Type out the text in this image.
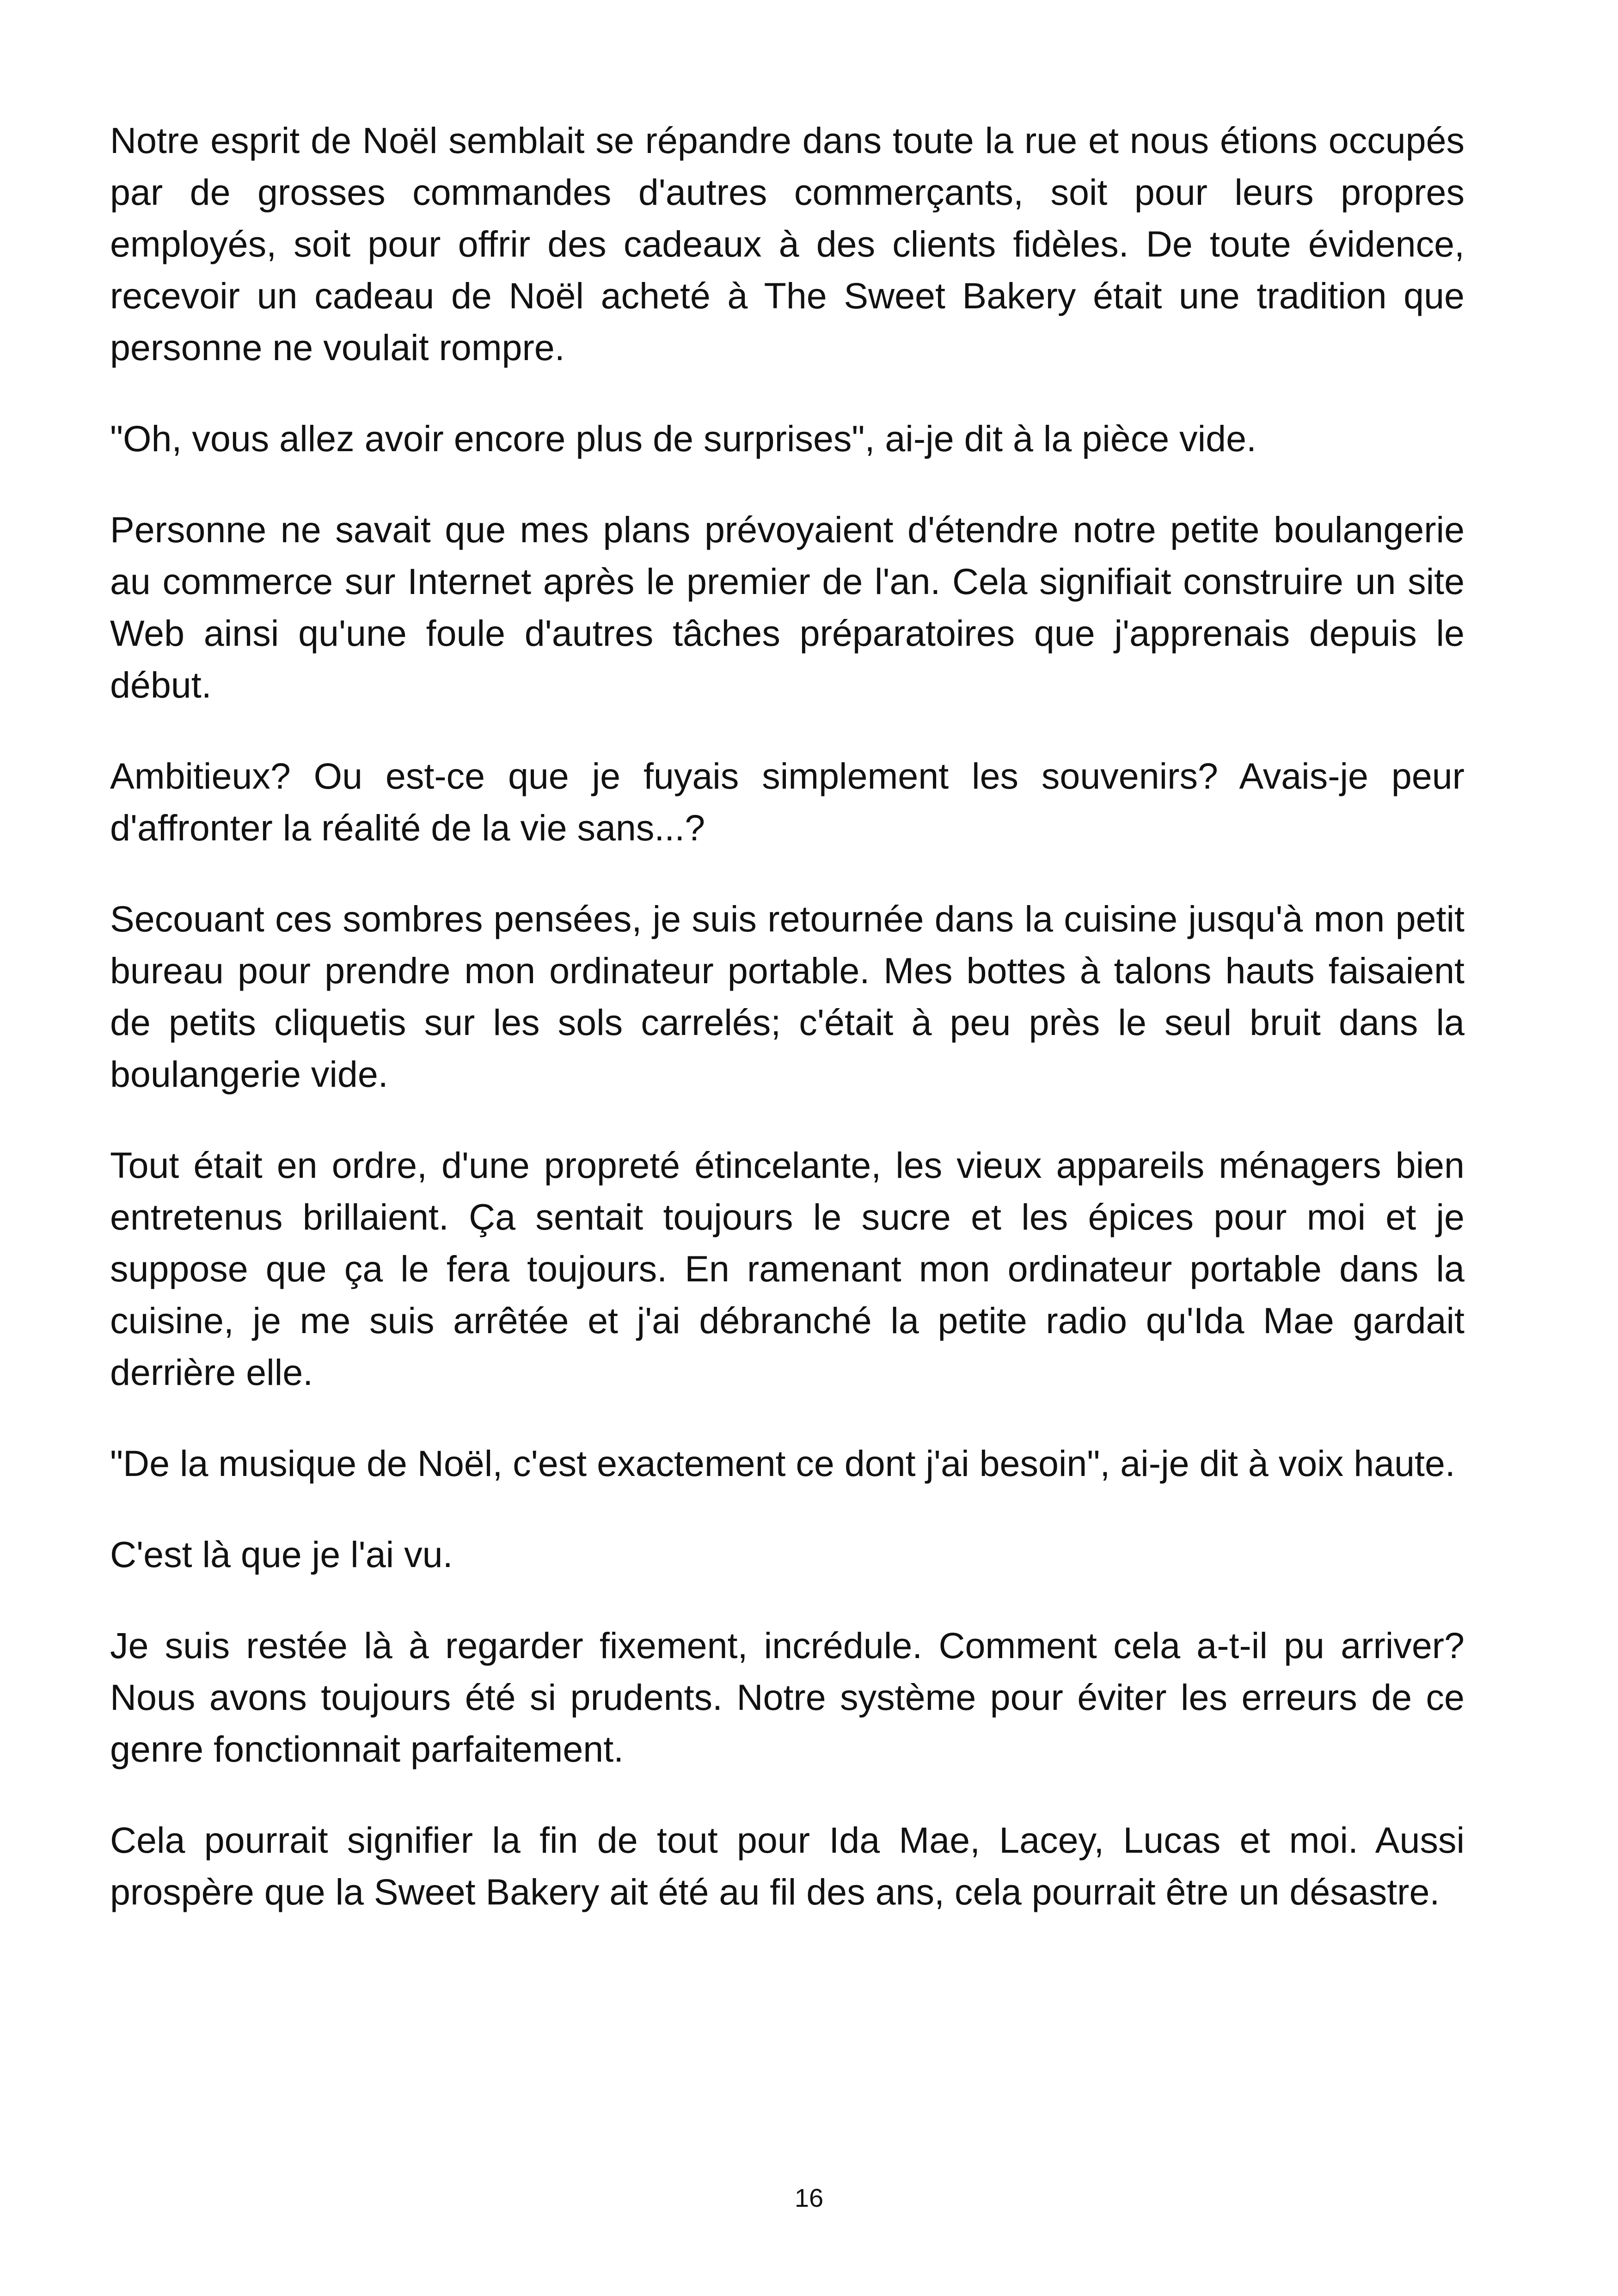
Notre esprit de Noël semblait se répandre dans toute la rue et nous étions occupés par de grosses commandes d'autres commerçants, soit pour leurs propres employés, soit pour offrir des cadeaux à des clients fidèles. De toute évidence, recevoir un cadeau de Noël acheté à The Sweet Bakery était une tradition que personne ne voulait rompre.

"Oh, vous allez avoir encore plus de surprises", ai-je dit à la pièce vide.

Personne ne savait que mes plans prévoyaient d'étendre notre petite boulangerie au commerce sur Internet après le premier de l'an. Cela signifiait construire un site Web ainsi qu'une foule d'autres tâches préparatoires que j'apprenais depuis le début.

Ambitieux? Ou est-ce que je fuyais simplement les souvenirs? Avais-je peur d'affronter la réalité de la vie sans...?

Secouant ces sombres pensées, je suis retournée dans la cuisine jusqu'à mon petit bureau pour prendre mon ordinateur portable. Mes bottes à talons hauts faisaient de petits cliquetis sur les sols carrelés; c'était à peu près le seul bruit dans la boulangerie vide.

Tout était en ordre, d'une propreté étincelante, les vieux appareils ménagers bien entretenus brillaient. Ça sentait toujours le sucre et les épices pour moi et je suppose que ça le fera toujours. En ramenant mon ordinateur portable dans la cuisine, je me suis arrêtée et j'ai débranché la petite radio qu'Ida Mae gardait derrière elle.

"De la musique de Noël, c'est exactement ce dont j'ai besoin", ai-je dit à voix haute.

C'est là que je l'ai vu.

Je suis restée là à regarder fixement, incrédule. Comment cela a-t-il pu arriver? Nous avons toujours été si prudents. Notre système pour éviter les erreurs de ce genre fonctionnait parfaitement.

Cela pourrait signifier la fin de tout pour Ida Mae, Lacey, Lucas et moi. Aussi prospère que la Sweet Bakery ait été au fil des ans, cela pourrait être un désastre.

16
